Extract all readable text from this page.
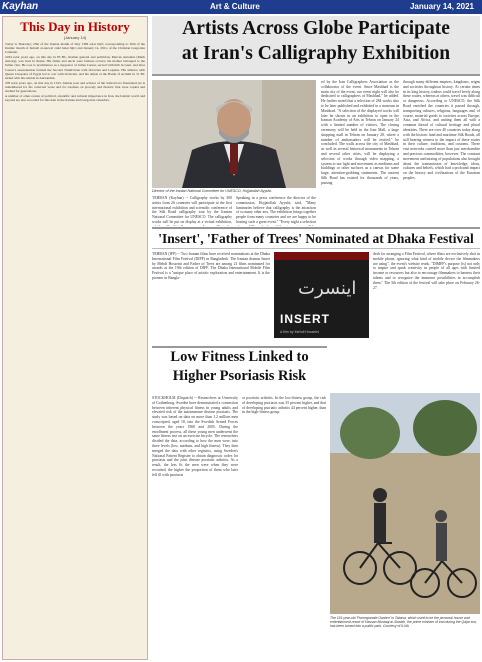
Kayhan	Art & Culture	January 14, 2021
This Day in History
(January 14)

Today is Thursday; 25th of the Iranian month of Dey 1399 solar hijri; corresponding to 30th of the Islamic month of Jamadi al-Awwal 1442 lunar hijri; and January 14, 2021, of the Christian Gregorian Calendar.

2184 solar years ago, on this day in 83 BC, Roman general and politician, Marcus Antonius (Mark Antony), was born in Rome. His father and uncle were famous orators; his mother belonged to the Julian clan. He rose to prominence as a supporter of Julius Caesar, served with him in Gaul, and after Caesar's assassination formed the Second Triumvirate with Octavian and Lepidus. His alliance with Queen Cleopatra of Egypt led to war with Octavian, and his defeat at the Battle of Actium in 31 BC ended with his suicide in Alexandria.

478 solar years ago, on this day in 1543, Iranian poet and scholar of the Safavid era flourished; he is remembered for his collected verse and for treatises on prosody and rhetoric that were copied and studied for generations.

A number of other events of political, scientific and cultural importance in Iran, the Islamic world and beyond are also recorded for this date in the Iranian and Gregorian calendars.

Artists Across Globe Participate
at Iran's Calligraphy Exhibition
Director of the Iranian National Committee for UNESCO, Hojjatollah Ayyubi.
TEHRAN (Kayhan) -- Calligraphy works by 300 artists from 26 countries will participate at the first international exhibition and scientific conference of the Silk Road calligraphy tour by the Iranian National Committee for UNESCO. The calligraphy works will be put on display at a virtual exhibition,
Speaking in a press conference the director of the commission, Hojjatollah Ayyubi, said, "Many luminaries believe that calligraphy is the attraction of so many other arts. The exhibition brings together people from many countries and we are happy to be hosting such a great event." "Every night a selection
ed by the Iran Calligraphers Association as the collaborator of the event. Since Mashhad is the main city of the event, our event night will also be dedicated to calligraphers of Mashhad," he added. He further noted that a selection of 284 works also to be later published and exhibited in a museum in Mashhad. "A selection of the displayed works will later be shown in an exhibition to open in the Iranian Academy of Arts in Tehran on January 24 with a limited number of visitors. The closing ceremony will be held in the Iran Mall, a large shopping mall in Tehran on January 28, where a number of ambassadors will be invited," he concluded. The walls across the city of Mashhad, as well as several historical monuments in Tehran and several other cities, will be displaying a selection of works through video mapping, a system to use light and movement as mediums and buildings or other surfaces as a canvas for some large, attention-grabbing statements. The ancient Silk Road has existed for thousands of years, passing
through many different empires, kingdoms, reigns and societies throughout history. At certain times in its long history, traders could travel freely along these routes, whereas at others, travel was difficult or dangerous. According to UNESCO, the Silk Road enriched the countries it passed through, transporting cultures, religions, languages and, of course, material goods to societies across Europe, Asia, and Africa, and uniting them all with a common thread of cultural heritage and plural identities. There are over 40 countries today along with the historic land and maritime Silk Roads, all still bearing witness to the impact of these routes in their culture, traditions, and customs. These vast networks carried more than just merchandise and precious commodities, however. The constant movement and mixing of populations also brought about the transmission of knowledge, ideas, cultures and beliefs, which had a profound impact on the history and civilizations of the Eurasian peoples.
'Insert', 'Father of Trees' Nominated at Dhaka Festival
TEHRAN (IFP) -- Two Iranian films have received nominations at the Dhaka International Film Festival (DIFF) in Bangladesh. The Iranian dramas Insert by Mehdi Hosseini and Father of Trees are among 21 films nominated for awards at the 19th edition of DIFF. The Dhaka International Mobile Film Festival is a "unique place of artistic exploration and entertainment. It is the pioneer in Bangla-
اینسرت
INSERT
A film by Mehdi Hosseini
desh for arranging a Film Festival, where films are exclusively shot in mobile phone, ignoring what kind of mobile device the filmmakers are using", the event's website reads. "DIMFF's purpose [is] not only to inspire and spark creativity in people of all ages with limited income or resources but also to encourage filmmakers to harness their talents and to recognize the immense possibilities in accomplish them." The 5th edition of the festival will take place on February 26-27.
Low Fitness Linked to
Higher Psoriasis Risk
STOCKHOLM (Dispatch) -- Researchers at University of Gothenburg, Sweden have demonstrated a connection between inherent physical fitness in young adults and elevated risk of the autoimmune disease psoriasis. The study was based on data on more than 1.2 million men conscripted, aged 18, into the Swedish Armed Forces between the years 1968 and 2005. During the enrollment process, all these young men underwent the same fitness test on an exercise bicycle. The researchers divided the data, according to how the men were, into three levels (low, medium, and high fitness). They then merged the data with other registers, using Sweden's National Patient Register to obtain diagnostic codes for psoriasis and the joint disease psoriatic arthritis. As a result, the less fit the men were when they were recruited, the higher the proportion of them who later fell ill with psoriasis
or psoriatic arthritis. In the low-fitness group, the risk of developing psoriasis was 35 percent higher, and that of developing psoriatic arthritis 44 percent higher, than in the high-fitness group.
The 119-year-old 'Pomegranate Garden' in Tabasa, which used to be the personal house and entertainment resort of Hassan Mustaqi al-Sowlah, the prime minister of Iran during the Qajar era, has been turned into a public park. Courtesy of ILNA
